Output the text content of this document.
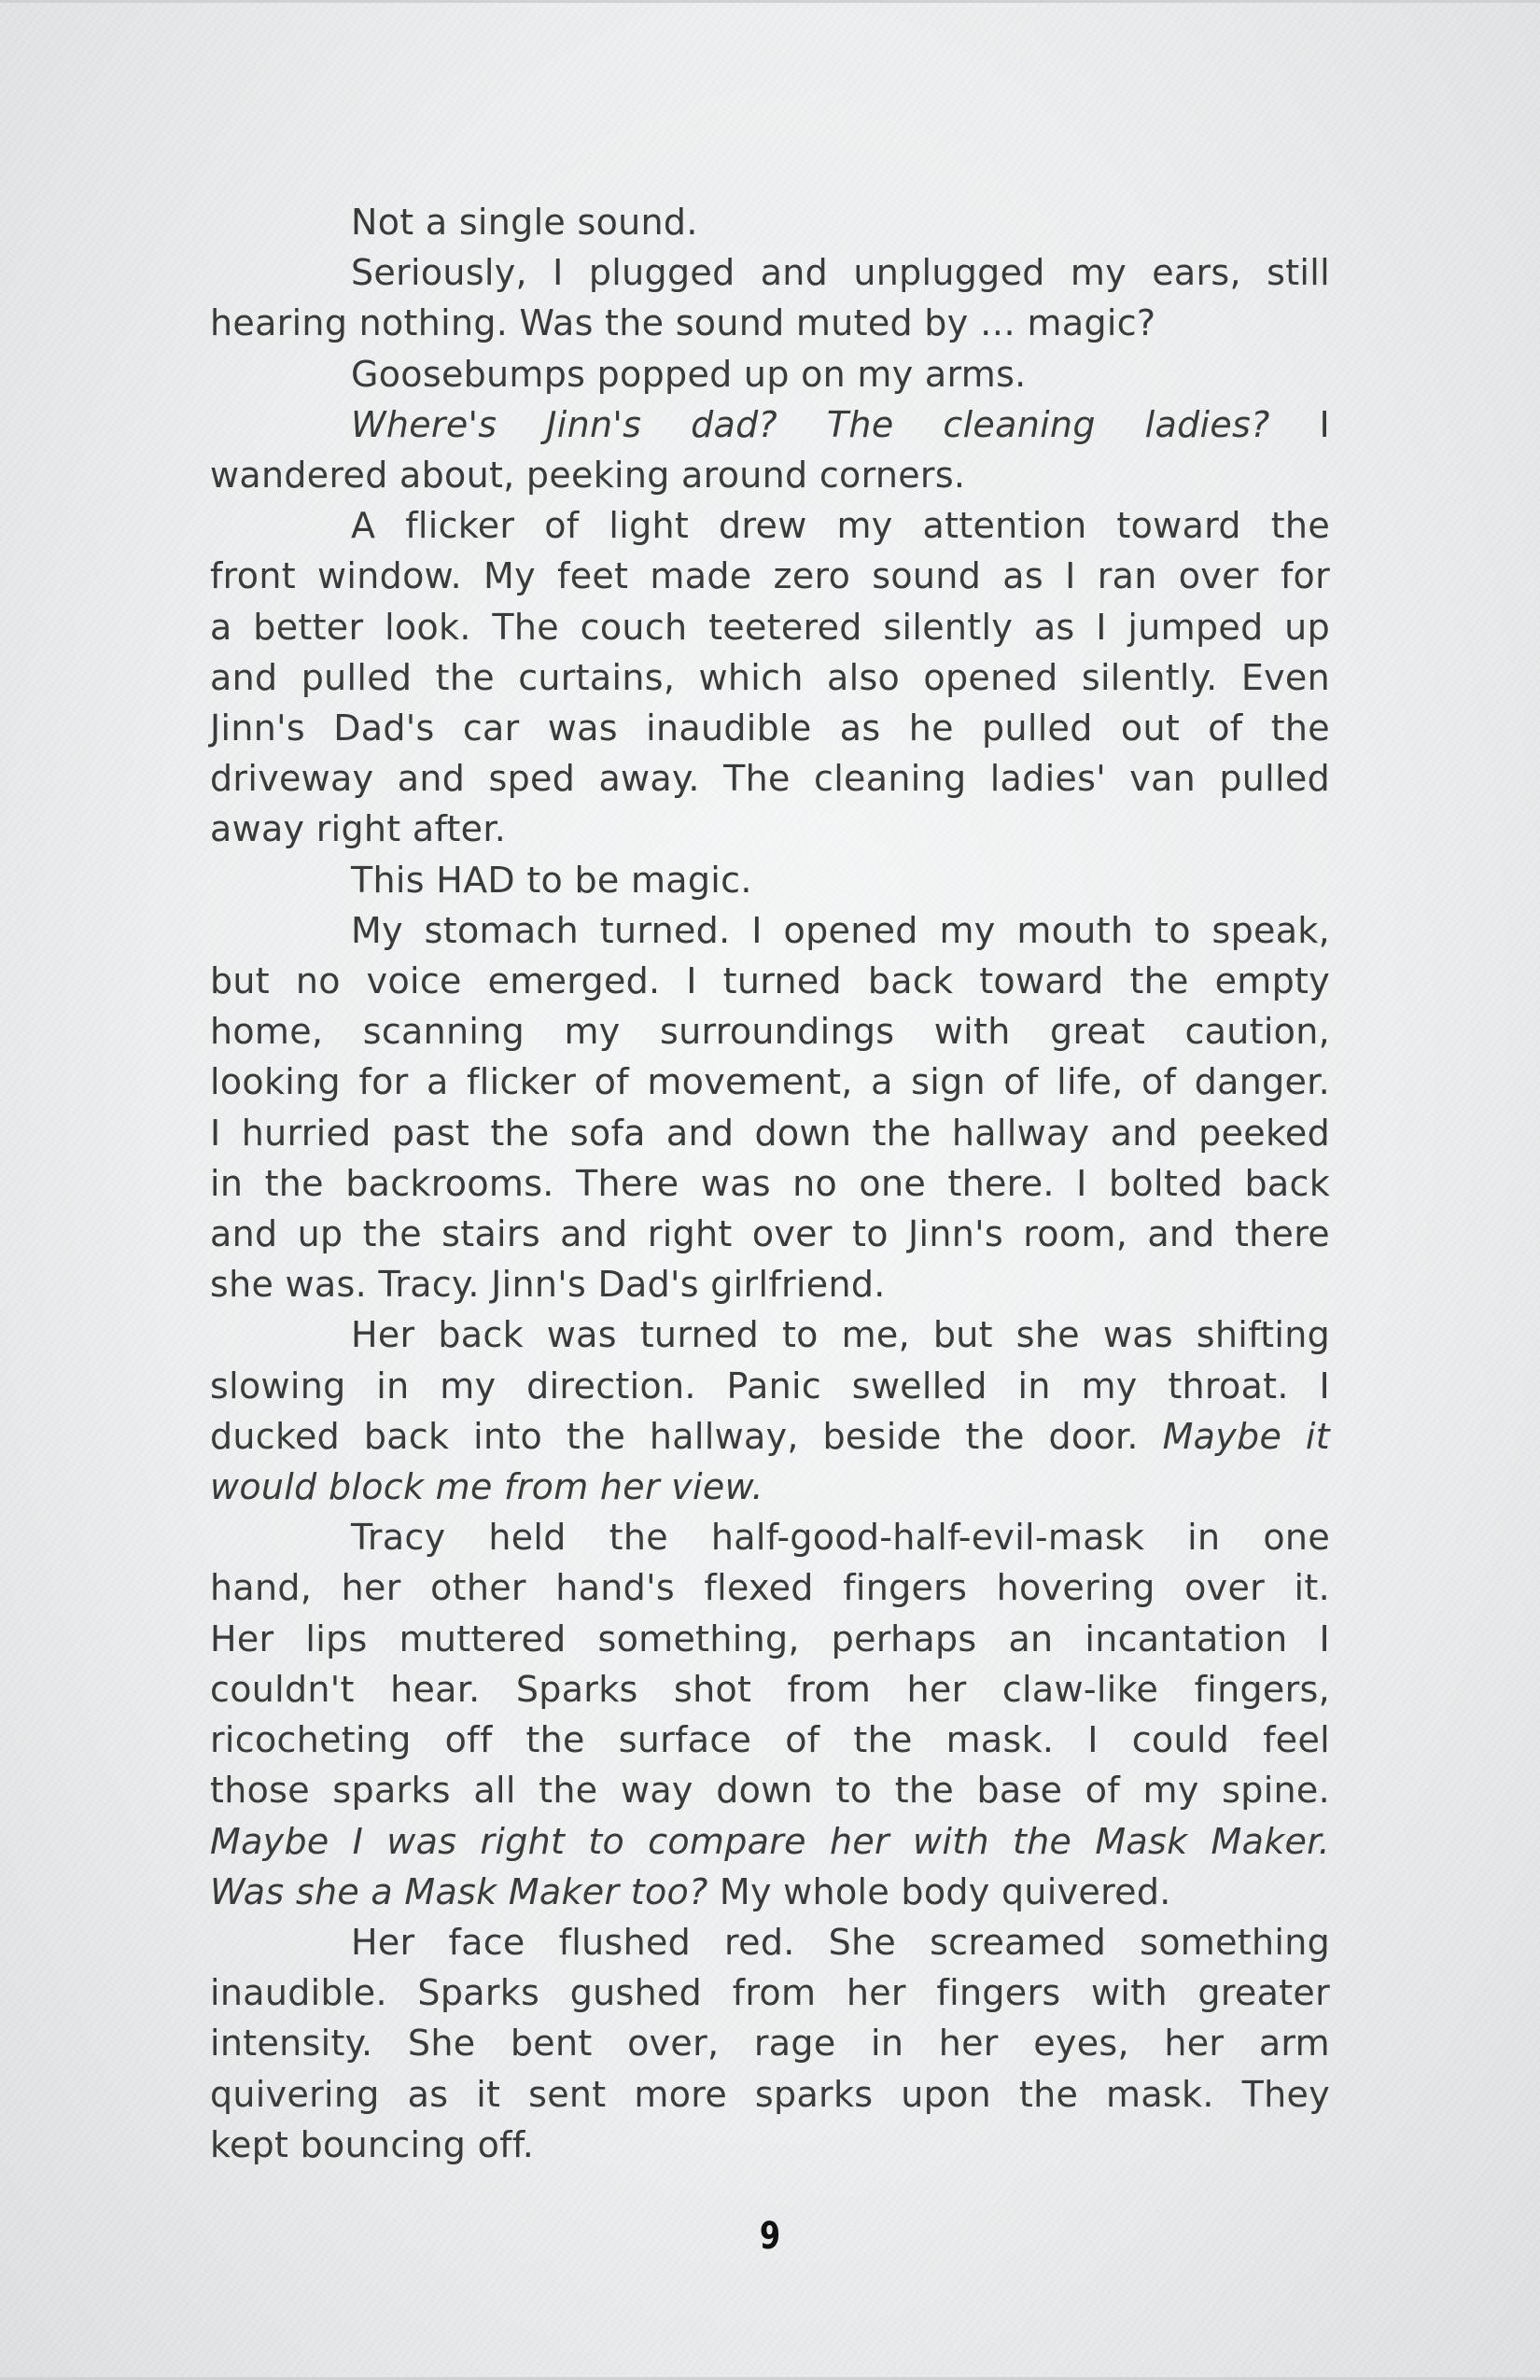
Not a single sound.
Seriously, I plugged and unplugged my ears, still
hearing nothing. Was the sound muted by … magic?
Goosebumps popped up on my arms.
Where's Jinn's dad? The cleaning ladies? I
wandered about, peeking around corners.
A flicker of light drew my attention toward the
front window. My feet made zero sound as I ran over for
a better look. The couch teetered silently as I jumped up
and pulled the curtains, which also opened silently. Even
Jinn's Dad's car was inaudible as he pulled out of the
driveway and sped away. The cleaning ladies' van pulled
away right after.
This HAD to be magic.
My stomach turned. I opened my mouth to speak,
but no voice emerged. I turned back toward the empty
home, scanning my surroundings with great caution,
looking for a flicker of movement, a sign of life, of danger.
I hurried past the sofa and down the hallway and peeked
in the backrooms. There was no one there. I bolted back
and up the stairs and right over to Jinn's room, and there
she was. Tracy. Jinn's Dad's girlfriend.
Her back was turned to me, but she was shifting
slowing in my direction. Panic swelled in my throat. I
ducked back into the hallway, beside the door. Maybe it
would block me from her view.
Tracy held the half-good-half-evil-mask in one
hand, her other hand's flexed fingers hovering over it.
Her lips muttered something, perhaps an incantation I
couldn't hear. Sparks shot from her claw-like fingers,
ricocheting off the surface of the mask. I could feel
those sparks all the way down to the base of my spine.
Maybe I was right to compare her with the Mask Maker.
Was she a Mask Maker too? My whole body quivered.
Her face flushed red. She screamed something
inaudible. Sparks gushed from her fingers with greater
intensity. She bent over, rage in her eyes, her arm
quivering as it sent more sparks upon the mask. They
kept bouncing off.
9
